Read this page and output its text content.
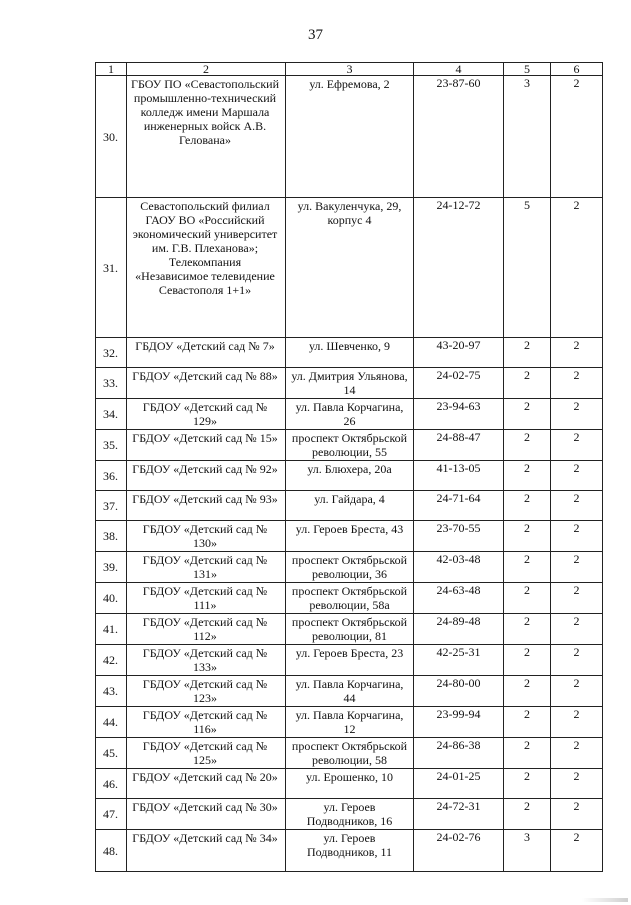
37
1	2	3	4	5	6
30.	ГБОУ ПО «Севастопольский промышленно-технический колледж имени Маршала инженерных войск А.В. Гелована»	ул. Ефремова, 2	23-87-60	3	2
31.	Севастопольский филиал ГАОУ ВО «Российский экономический университет им. Г.В. Плеханова»; Телекомпания «Независимое телевидение Севастополя 1+1»	ул. Вакуленчука, 29, корпус 4	24-12-72	5	2
32.	ГБДОУ «Детский сад № 7»	ул. Шевченко, 9	43-20-97	2	2
33.	ГБДОУ «Детский сад № 88»	ул. Дмитрия Ульянова, 14	24-02-75	2	2
34.	ГБДОУ «Детский сад № 129»	ул. Павла Корчагина, 26	23-94-63	2	2
35.	ГБДОУ «Детский сад № 15»	проспект Октябрьской революции, 55	24-88-47	2	2
36.	ГБДОУ «Детский сад № 92»	ул. Блюхера, 20а	41-13-05	2	2
37.	ГБДОУ «Детский сад № 93»	ул. Гайдара, 4	24-71-64	2	2
38.	ГБДОУ «Детский сад № 130»	ул. Героев Бреста, 43	23-70-55	2	2
39.	ГБДОУ «Детский сад № 131»	проспект Октябрьской революции, 36	42-03-48	2	2
40.	ГБДОУ «Детский сад № 111»	проспект Октябрьской революции, 58а	24-63-48	2	2
41.	ГБДОУ «Детский сад № 112»	проспект Октябрьской революции, 81	24-89-48	2	2
42.	ГБДОУ «Детский сад № 133»	ул. Героев Бреста, 23	42-25-31	2	2
43.	ГБДОУ «Детский сад № 123»	ул. Павла Корчагина, 44	24-80-00	2	2
44.	ГБДОУ «Детский сад № 116»	ул. Павла Корчагина, 12	23-99-94	2	2
45.	ГБДОУ «Детский сад № 125»	проспект Октябрьской революции, 58	24-86-38	2	2
46.	ГБДОУ «Детский сад № 20»	ул. Ерошенко, 10	24-01-25	2	2
47.	ГБДОУ «Детский сад № 30»	ул. Героев Подводников, 16	24-72-31	2	2
48.	ГБДОУ «Детский сад № 34»	ул. Героев Подводников, 11	24-02-76	3	2
